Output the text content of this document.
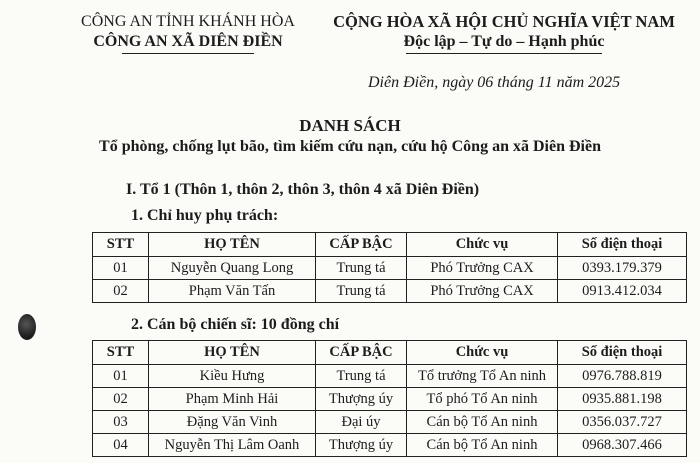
CÔNG AN TỈNH KHÁNH HÒA
CÔNG AN XÃ DIÊN ĐIỀN
CỘNG HÒA XÃ HỘI CHỦ NGHĨA VIỆT NAM
Độc lập – Tự do – Hạnh phúc
Diên Điền, ngày 06 tháng 11 năm 2025
DANH SÁCH
Tổ phòng, chống lụt bão, tìm kiếm cứu nạn, cứu hộ Công an xã Diên Điền
I. Tổ 1 (Thôn 1, thôn 2, thôn 3, thôn 4 xã Diên Điền)
1. Chỉ huy phụ trách:
STT	HỌ TÊN	CẤP BẬC	Chức vụ	Số điện thoại
01	Nguyễn Quang Long	Trung tá	Phó Trưởng CAX	0393.179.379
02	Phạm Văn Tấn	Trung tá	Phó Trưởng CAX	0913.412.034
2. Cán bộ chiến sĩ: 10 đồng chí
STT	HỌ TÊN	CẤP BẬC	Chức vụ	Số điện thoại
01	Kiều Hưng	Trung tá	Tổ trưởng Tổ An ninh	0976.788.819
02	Phạm Minh Hải	Thượng úy	Tổ phó Tổ An ninh	0935.881.198
03	Đặng Văn Vinh	Đại úy	Cán bộ Tổ An ninh	0356.037.727
04	Nguyễn Thị Lâm Oanh	Thượng úy	Cán bộ Tổ An ninh	0968.307.466
